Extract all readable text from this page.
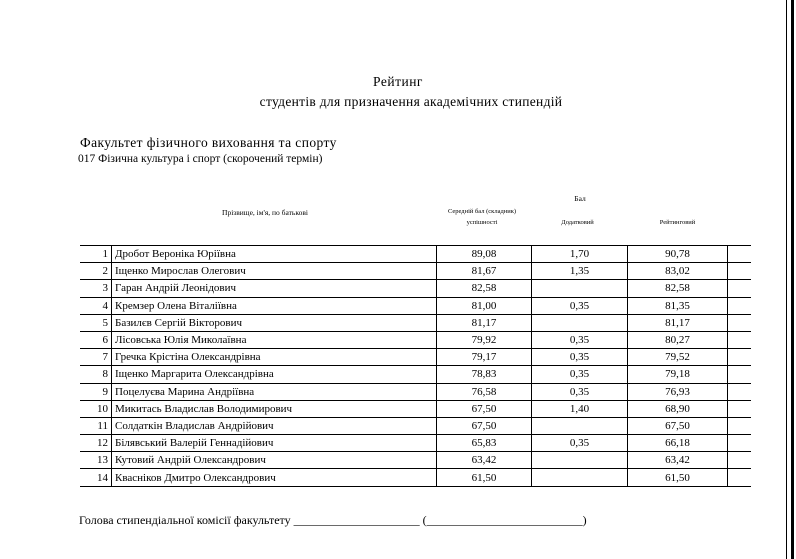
Рейтинг
студентів для призначення академічних стипендій
Факультет фізичного виховання та спорту
017 Фізична культура і спорт (скорочений термін)
Прізвище, ім'я, по батькові
Бал
Середній бал (складник) успішності	Додатковий	Рейтинговий
1	Дробот Вероніка Юріївна	89,08	1,70	90,78	
2	Іщенко Мирослав Олегович	81,67	1,35	83,02	
3	Гаран Андрій Леонідович	82,58		82,58	
4	Кремзер Олена Віталіївна	81,00	0,35	81,35	
5	Базилєв Сергій Вікторович	81,17		81,17	
6	Лісовська Юлія Миколаївна	79,92	0,35	80,27	
7	Гречка Крістіна Олександрівна	79,17	0,35	79,52	
8	Іщенко Маргарита Олександрівна	78,83	0,35	79,18	
9	Поцелуєва Марина Андріївна	76,58	0,35	76,93	
10	Микитась Владислав Володимирович	67,50	1,40	68,90	
11	Солдаткін Владислав Андрійович	67,50		67,50	
12	Білявський Валерій Геннадійович	65,83	0,35	66,18	
13	Кутовий Андрій Олександрович	63,42		63,42	
14	Квасніков Дмитро Олександрович	61,50		61,50	
Голова стипендіальної комісії факультету _____________________ (__________________________)
